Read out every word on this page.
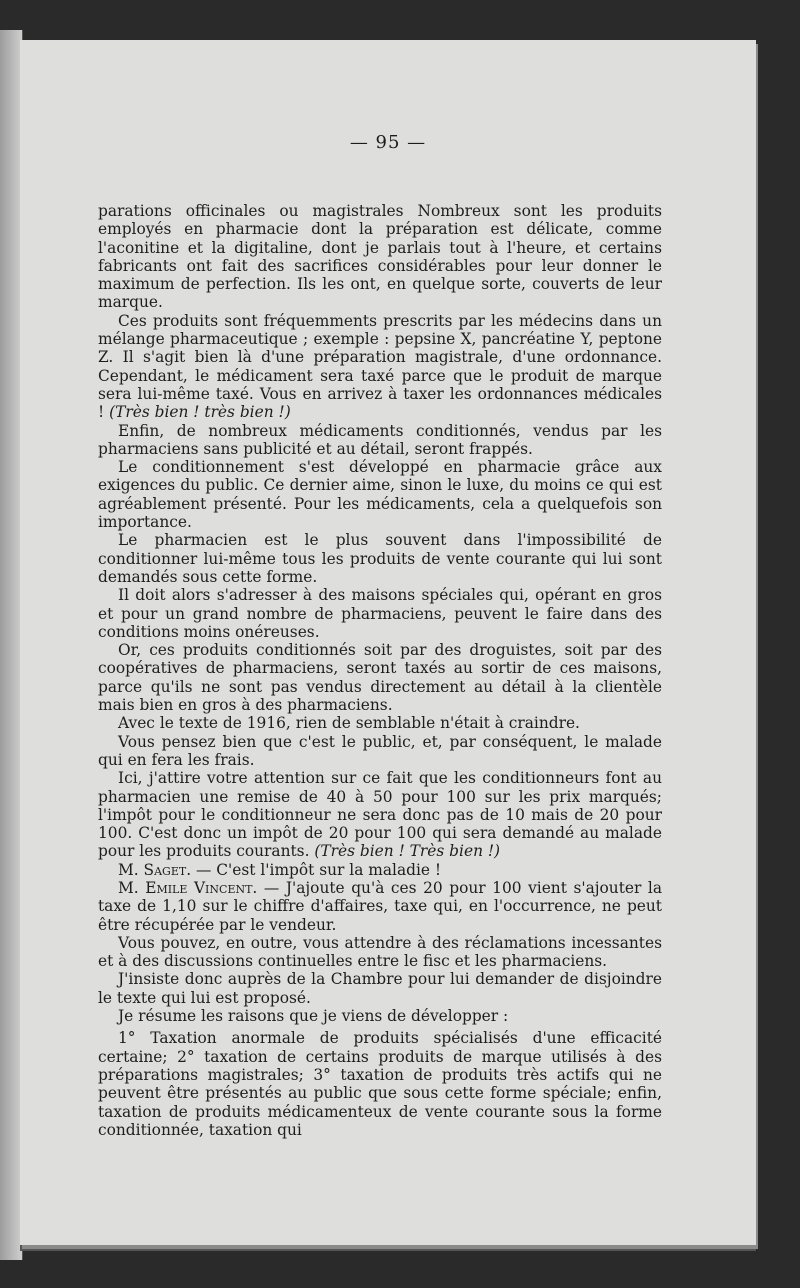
— 95 —

parations officinales ou magistrales Nombreux sont les produits employés en pharmacie dont la préparation est délicate, comme l'aconitine et la digitaline, dont je parlais tout à l'heure, et certains fabricants ont fait des sacrifices considérables pour leur donner le maximum de perfection. Ils les ont, en quelque sorte, couverts de leur marque.

Ces produits sont fréquemments prescrits par les médecins dans un mélange pharmaceutique ; exemple : pepsine X, pancréatine Y, peptone Z. Il s'agit bien là d'une préparation magistrale, d'une ordonnance. Cependant, le médicament sera taxé parce que le produit de marque sera lui-même taxé. Vous en arrivez à taxer les ordonnances médicales ! (Très bien ! très bien !)

Enfin, de nombreux médicaments conditionnés, vendus par les pharmaciens sans publicité et au détail, seront frappés.

Le conditionnement s'est développé en pharmacie grâce aux exigences du public. Ce dernier aime, sinon le luxe, du moins ce qui est agréablement présenté. Pour les médicaments, cela a quelquefois son importance.

Le pharmacien est le plus souvent dans l'impossibilité de conditionner lui-même tous les produits de vente courante qui lui sont demandés sous cette forme.

Il doit alors s'adresser à des maisons spéciales qui, opérant en gros et pour un grand nombre de pharmaciens, peuvent le faire dans des conditions moins onéreuses.

Or, ces produits conditionnés soit par des droguistes, soit par des coopératives de pharmaciens, seront taxés au sortir de ces maisons, parce qu'ils ne sont pas vendus directement au détail à la clientèle mais bien en gros à des pharmaciens.

Avec le texte de 1916, rien de semblable n'était à craindre.

Vous pensez bien que c'est le public, et, par conséquent, le malade qui en fera les frais.

Ici, j'attire votre attention sur ce fait que les conditionneurs font au pharmacien une remise de 40 à 50 pour 100 sur les prix marqués; l'impôt pour le conditionneur ne sera donc pas de 10 mais de 20 pour 100. C'est donc un impôt de 20 pour 100 qui sera demandé au malade pour les produits courants. (Très bien ! Très bien !)

M. Saget. — C'est l'impôt sur la maladie !

M. Emile Vincent. — J'ajoute qu'à ces 20 pour 100 vient s'ajouter la taxe de 1,10 sur le chiffre d'affaires, taxe qui, en l'occurrence, ne peut être récupérée par le vendeur.

Vous pouvez, en outre, vous attendre à des réclamations incessantes et à des discussions continuelles entre le fisc et les pharmaciens.

J'insiste donc auprès de la Chambre pour lui demander de disjoindre le texte qui lui est proposé.

Je résume les raisons que je viens de développer :

1° Taxation anormale de produits spécialisés d'une efficacité certaine; 2° taxation de certains produits de marque utilisés à des préparations magistrales; 3° taxation de produits très actifs qui ne peuvent être présentés au public que sous cette forme spéciale; enfin, taxation de produits médicamenteux de vente courante sous la forme conditionnée, taxation qui
